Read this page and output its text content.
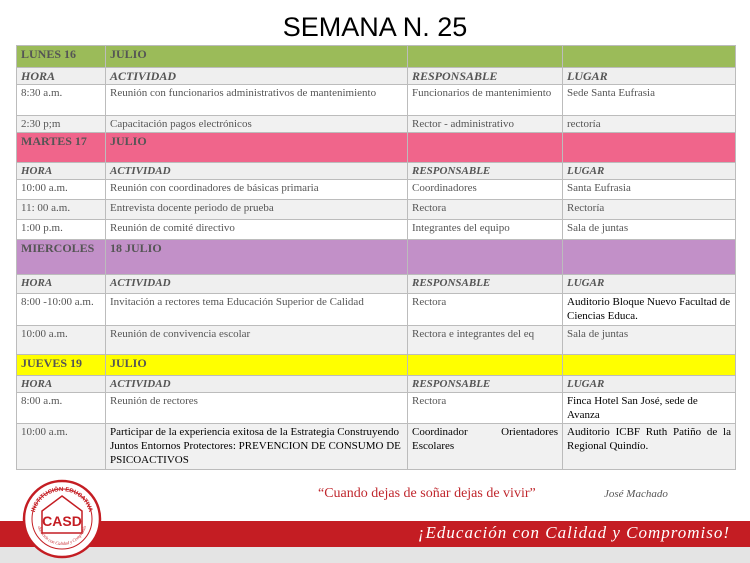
SEMANA N. 25
LUNES 16	JULIO		
HORA	ACTIVIDAD	RESPONSABLE	LUGAR
8:30 a.m.	Reunión con funcionarios administrativos de mantenimiento	Funcionarios de mantenimiento	Sede Santa Eufrasia
2:30 p;m	Capacitación pagos electrónicos	Rector - administrativo	rectoría
MARTES 17	JULIO		
HORA	ACTIVIDAD	RESPONSABLE	LUGAR
10:00 a.m.	Reunión con coordinadores de básicas primaria	Coordinadores	Santa Eufrasia
11: 00 a.m.	Entrevista docente periodo de prueba	Rectora	Rectoría
1:00 p.m.	Reunión de comité directivo	Integrantes del equipo	Sala de juntas
MIERCOLES	18 JULIO		
HORA	ACTIVIDAD	RESPONSABLE	LUGAR
8:00 -10:00 a.m.	Invitación a rectores tema Educación Superior de Calidad	Rectora	Auditorio Bloque Nuevo Facultad de Ciencias Educa.
10:00 a.m.	Reunión de convivencia escolar	Rectora e integrantes del eq	Sala de juntas
JUEVES 19	JULIO		
HORA	ACTIVIDAD	RESPONSABLE	LUGAR
8:00 a.m.	Reunión de rectores	Rectora	Finca Hotel San José, sede de Avanza
10:00 a.m.	Participar de la experiencia exitosa de la Estrategia Construyendo Juntos Entornos Protectores: PREVENCION DE CONSUMO DE PSICOACTIVOS	Coordinador Orientadores Escolares	Auditorio ICBF Ruth Patiño de la Regional Quindío.
“Cuando dejas de soñar dejas de vivir”	José Machado
¡Educación con Calidad y Compromiso!
INSTITUCIÓN EDUCATIVA
CASD
ducación con Calidad y Compromis
